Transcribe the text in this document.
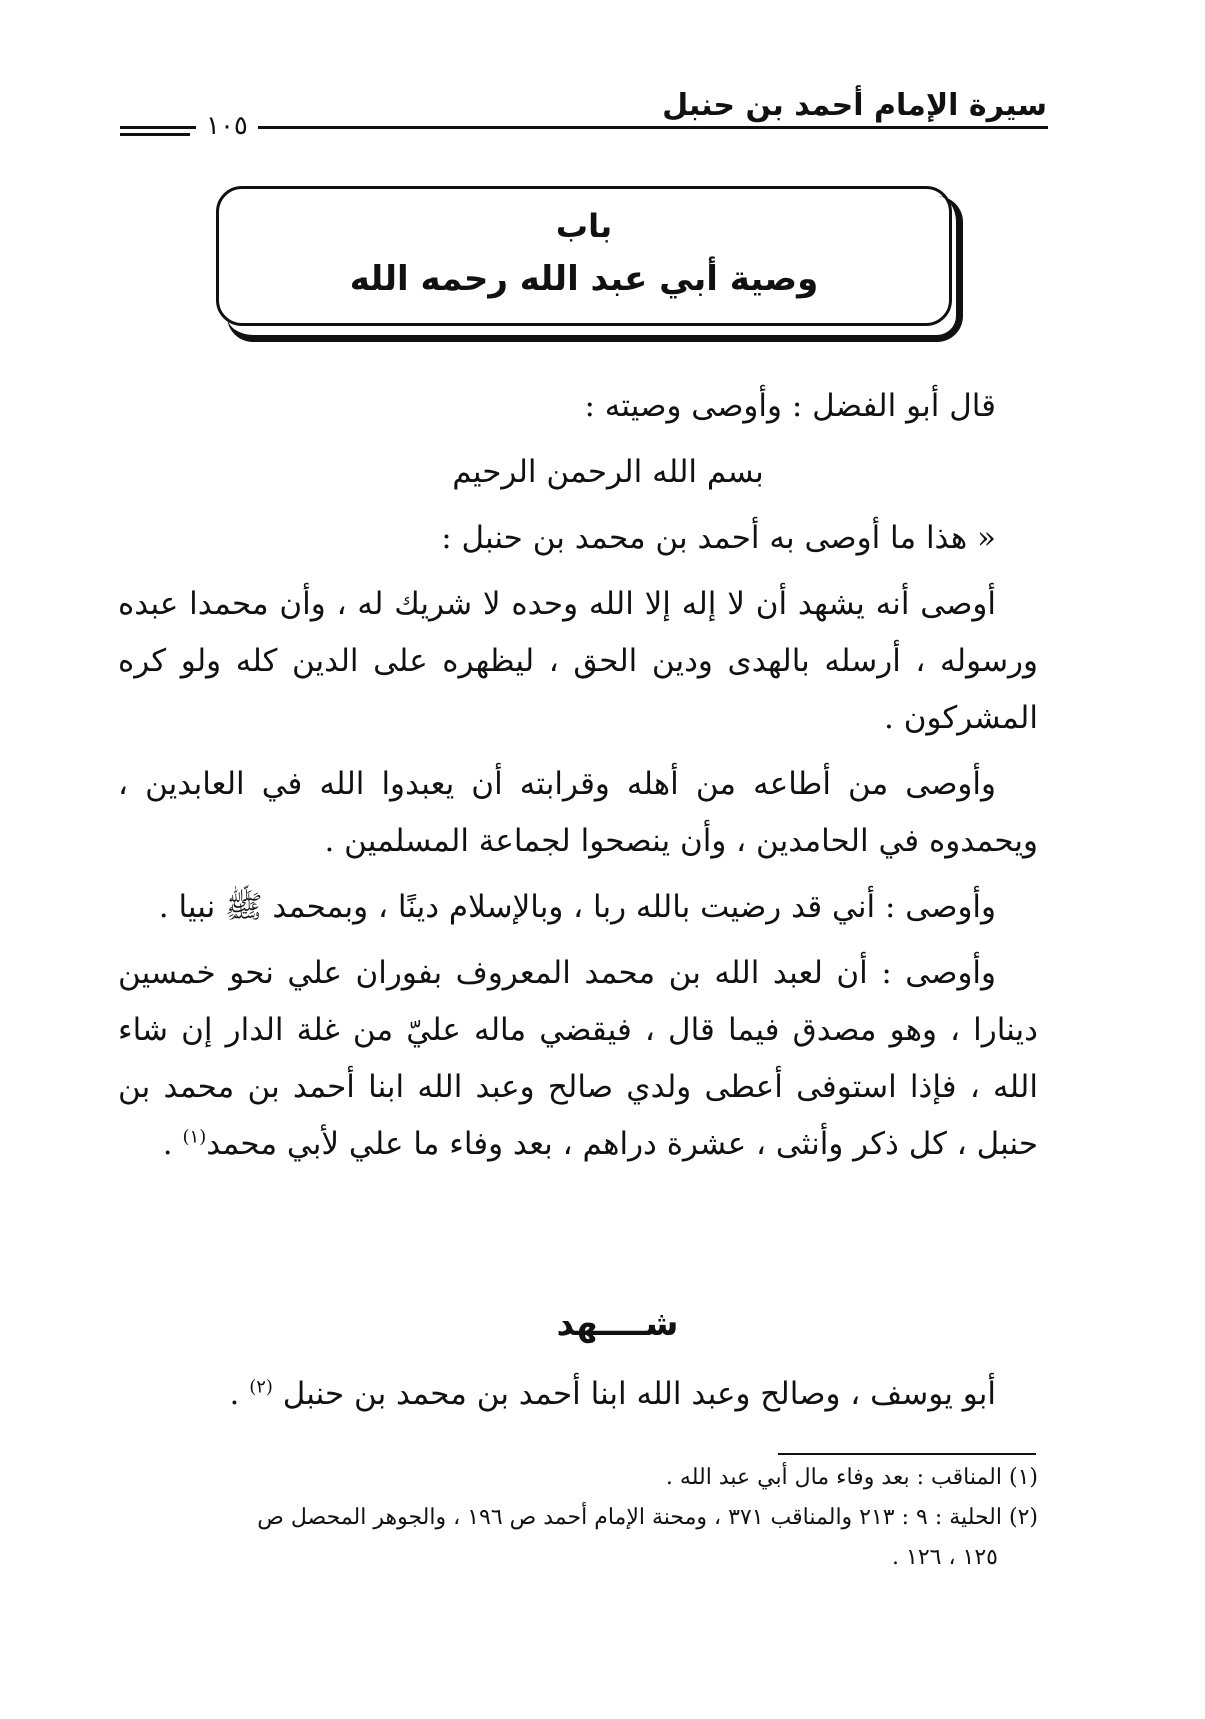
سيرة الإمام أحمد بن حنبل
١٠٥
باب
وصية أبي عبد الله رحمه الله

قال أبو الفضل : وأوصى وصيته :

بسم الله الرحمن الرحيم

« هذا ما أوصى به أحمد بن محمد بن حنبل :

أوصى أنه يشهد أن لا إله إلا الله وحده لا شريك له ، وأن محمدا عبده ورسوله ، أرسله بالهدى ودين الحق ، ليظهره على الدين كله ولو كره المشركون .

وأوصى من أطاعه من أهله وقرابته أن يعبدوا الله في العابدين ، ويحمدوه في الحامدين ، وأن ينصحوا لجماعة المسلمين .

وأوصى : أني قد رضيت بالله ربا ، وبالإسلام دينًا ، وبمحمد ﷺ نبيا .

وأوصى : أن لعبد الله بن محمد المعروف بفوران علي نحو خمسين دينارا ، وهو مصدق فيما قال ، فيقضي ماله عليّ من غلة الدار إن شاء الله ، فإذا استوفى أعطى ولدي صالح وعبد الله ابنا أحمد بن محمد بن حنبل ، كل ذكر وأنثى ، عشرة دراهم ، بعد وفاء ما علي لأبي محمد$^{(١)}$ .

شــــهد
أبو يوسف ، وصالح وعبد الله ابنا أحمد بن محمد بن حنبل $^{(٢)}$ .

(١) المناقب : بعد وفاء مال أبي عبد الله .

(٢) الحلية : ٩ : ٢١٣ والمناقب ٣٧١ ، ومحنة الإمام أحمد ص ١٩٦ ، والجوهر المحصل ص

١٢٥ ، ١٢٦ .
